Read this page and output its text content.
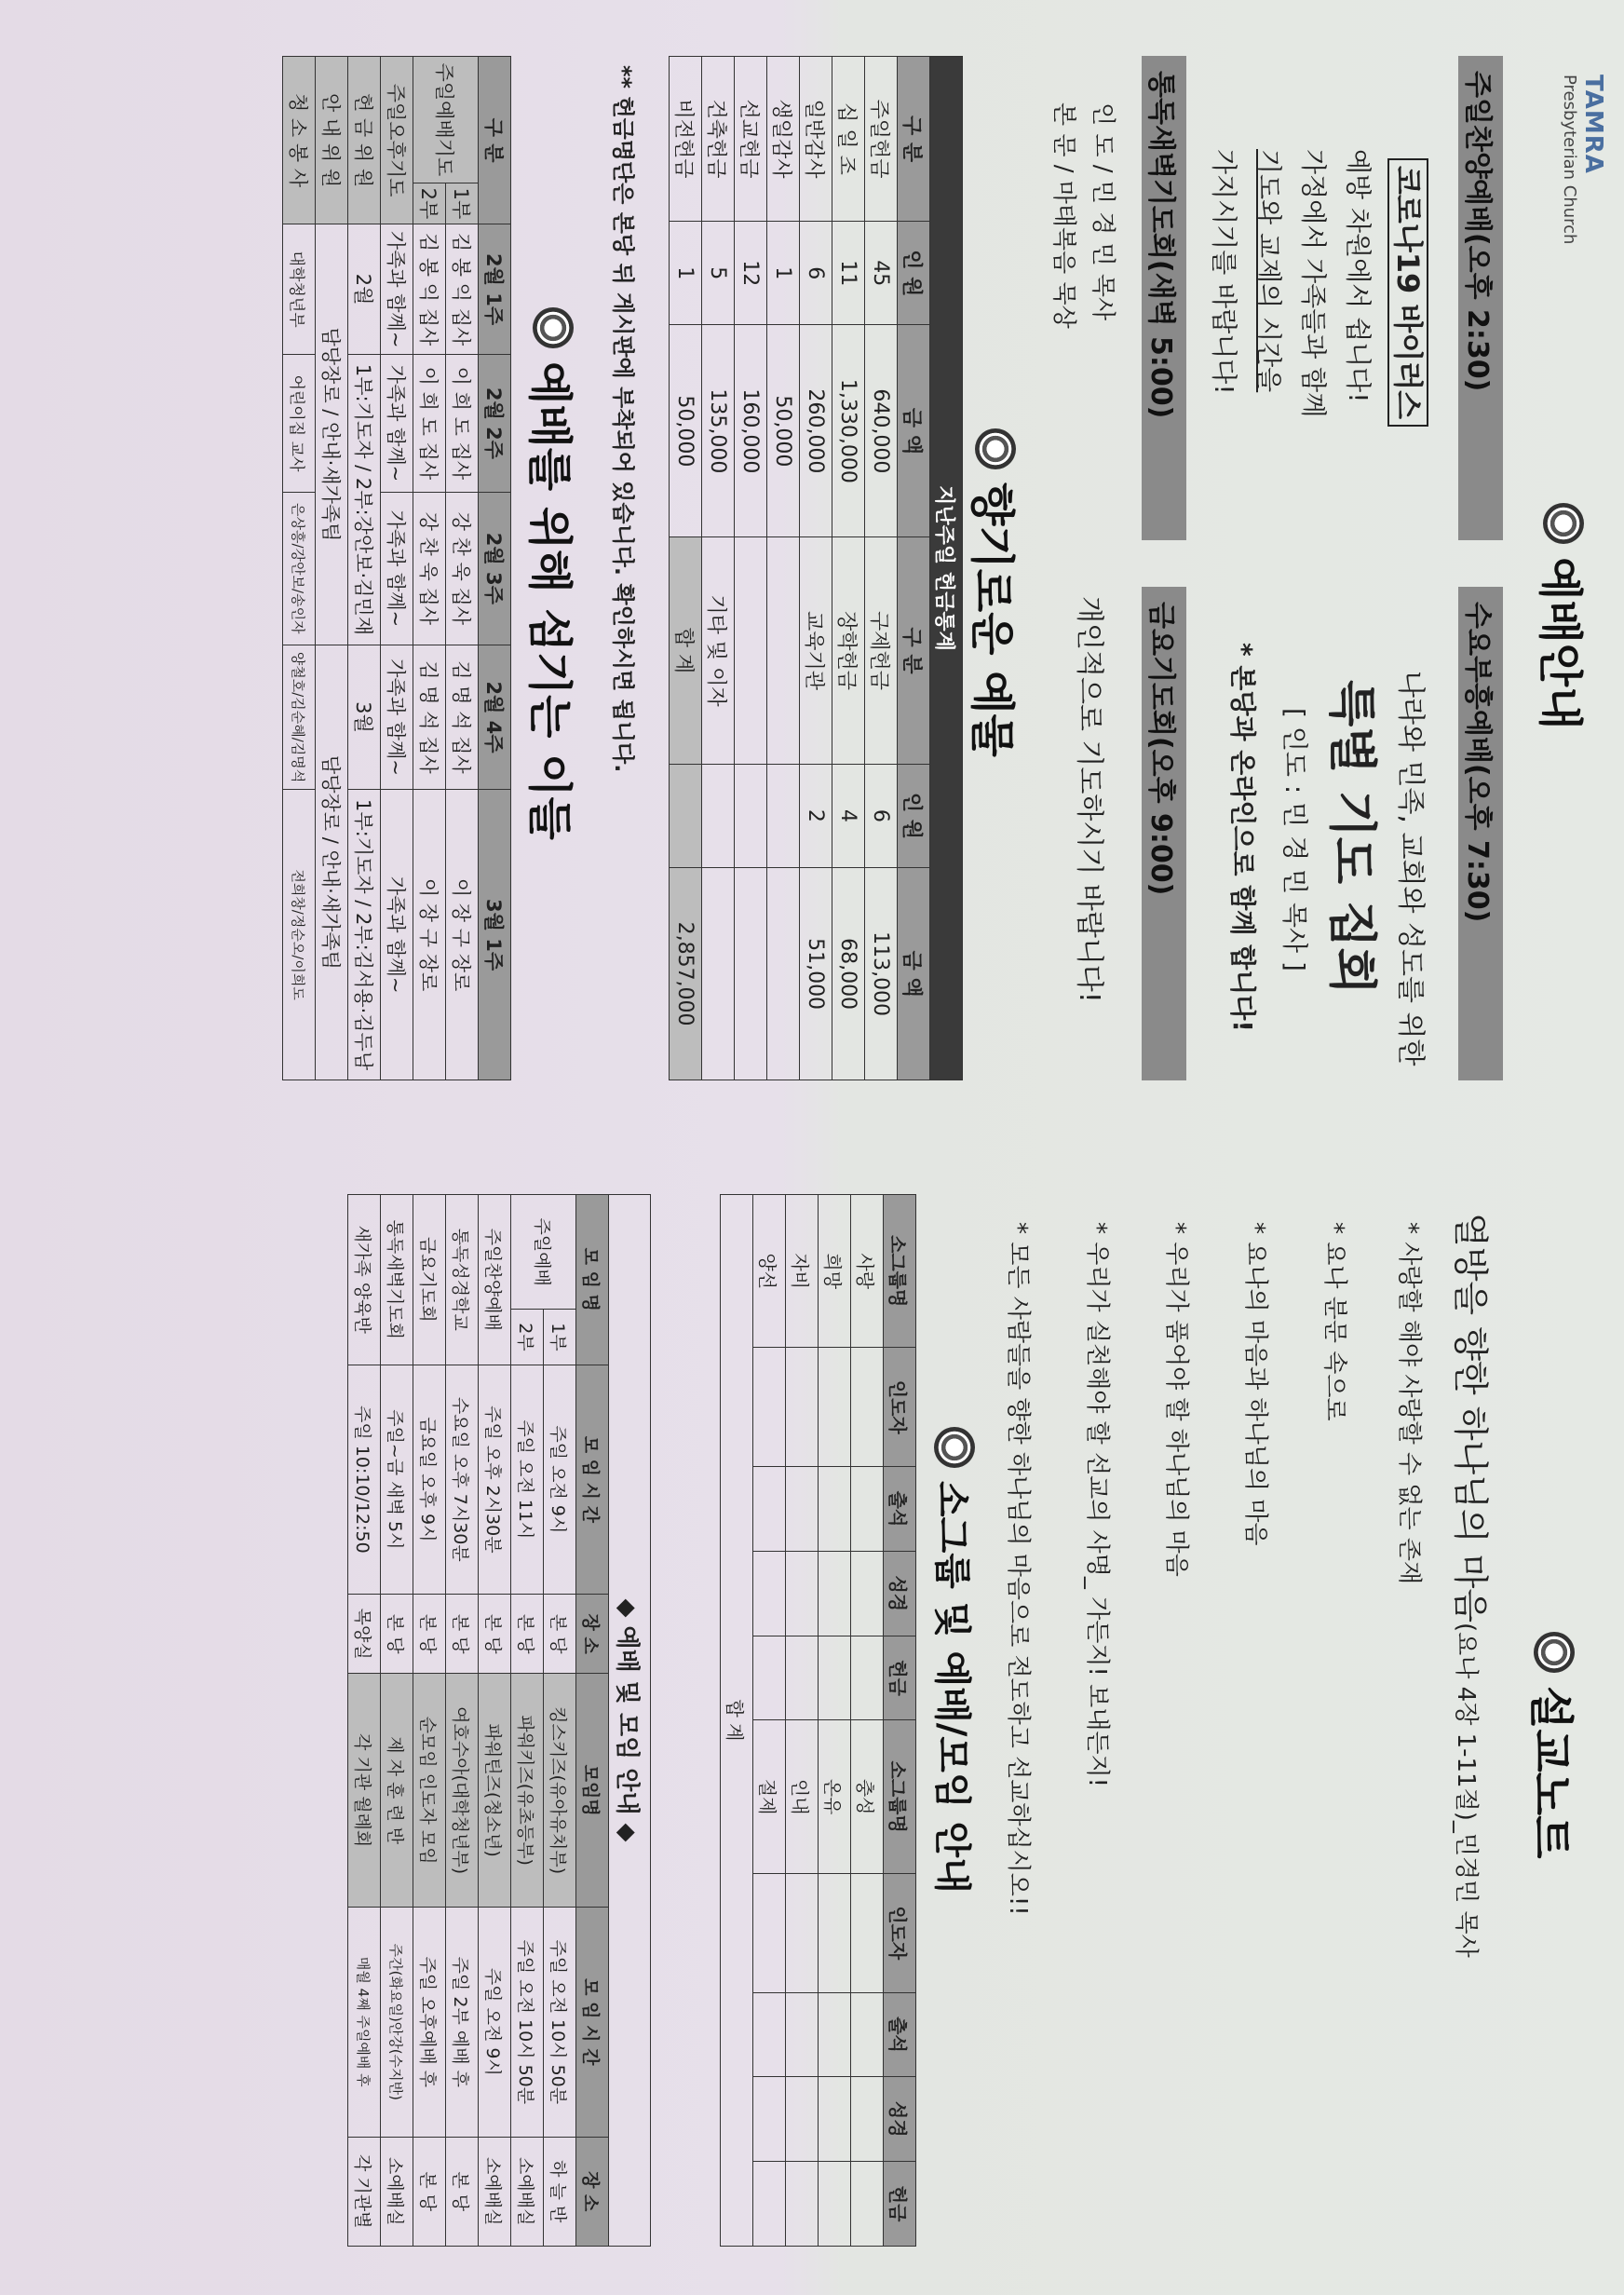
TAMRA
Presbyterian Church
예배안내
주일찬양예배(오후 2:30)
수요부흥예배(오후 7:30)
코로나19 바이러스
예방 차원에서 쉽니다!
가정에서 가족들과 함께
기도와 교제의 시간을
가지시기를 바랍니다!
나라와 민족, 교회와 성도를 위한
특별 기도 집회
[ 인도 : 민 경 민 목사 ]
* 본당과 온라인으로 함께 합니다!
통독새벽기도회(새벽 5:00)
금요기도회(오후 9:00)
인 도 / 민 경 민 목사
본 문 / 마태복음 묵상
개인적으로 기도하시기 바랍니다!
향기로운 예물
지난주일 헌금통계					
구 분	인 원	금 액	구 분	인 원	금 액
주일헌금	45	640,000	구제헌금	6	113,000
십 일 조	11	1,330,000	장학헌금	4	68,000
일반감사	6	260,000	교육기관	2	51,000
생일감사	1	50,000			
선교헌금	12	160,000			
건축헌금	5	135,000	기타 및 이자		
비전헌금	1	50,000	합 계		2,857,000
** 헌금명단은 본당 뒤 게시판에 부착되어 있습니다. 확인하시면 됩니다.
예배를 위해 섬기는 이들
구 분		2월 1주	2월 2주	2월 3주	2월 4주	3월 1주
주일예배기도	1부	김 봉 익 집사	이 희 도 집사	강 찬 욱 집사	김 명 석 집사	이 장 구 장로
	2부	김 봉 익 집사	이 희 도 집사	강 찬 욱 집사	김 명 석 집사	이 장 구 장로
주일오후기도		가족과 함께~	가족과 함께~	가족과 함께~	가족과 함께~	가족과 함께~
헌 금 위 원		2월	1부:기도자 / 2부:강안보·김민재		3월	1부:기도자 / 2부:김서용·김두남
안 내 위 원		담당장로 / 안내·새가족팀			담당장로 / 안내·새가족팀	
청 소 봉 사		대학청년부	어린이집 교사	은상흥/강안보/송인자	양철호/김순혜/김명석	전희창/정순오/이희도
설교노트
열방을 향한 하나님의 마음(요나 4장 1-11절)_민경민 목사
* 사랑할 해야 사랑할 수 없는 존재
* 요나 분문 속으로
* 요나의 마음과 하나님의 마음
* 우리가 품어야 할 하나님의 마음
* 우리가 실천해야 할 선교의 사명_ 가든지! 보내든지!
* 모든 사람들을 향한 하나님의 마음으로 전도하고 선교하십시오!!
소그룹 및 예배/모임 안내
소그룹명	인도자	출석	성경	헌금	소그룹명	인도자	출석	성경	헌금
사랑					충성				
희망					온유				
자비					인내				
양선					절제				
합 계									
◆ 예배 및 모임 안내 ◆						
모 임 명		모 임 시 간	장 소	모임명	모 임 시 간	장 소
주일예배	1부	주일 오전 9시	본 당	킹스키즈(유아유치부)	주일 오전 10시 50분	하 늘 반
	2부	주일 오전 11시	본 당	파워키즈(유초등부)	주일 오전 10시 50분	소예배실
주일찬양예배		주일 오후 2시30분	본 당	파워틴즈(청소년)	주일 오전 9시	소예배실
통독성경학교		수요일 오후 7시30분	본 당	여호수아(대학청년부)	주일 2부 예배 후	본 당
금요기도회		금요일 오후 9시	본 당	순모임 인도자 모임	주일 오후예배 후	본 당
통독새벽기도회		주일~금 새벽 5시	본 당	제 자 훈 련 반	주간(화요일)안강(수지반)	소예배실
새가족 양육반		주일 10:10/12:50	목양실	각 기관 월례회	매월 4째 주일예배 후	각 기관별
